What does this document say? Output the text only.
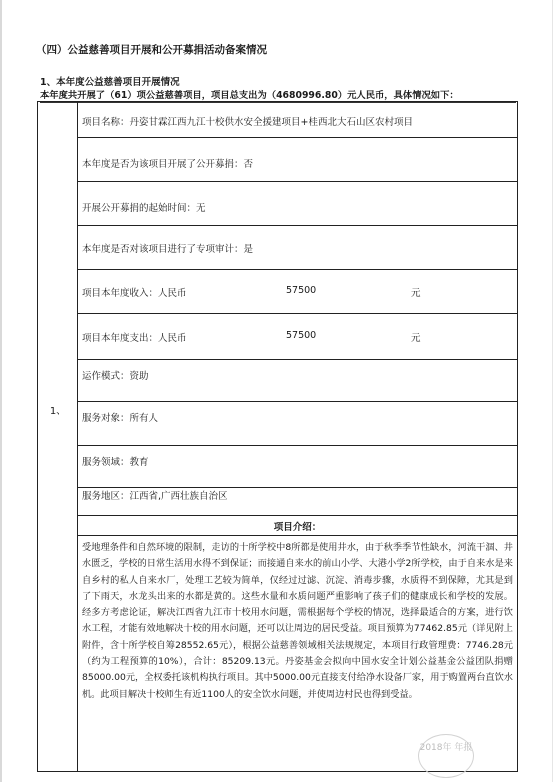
（四）公益慈善项目开展和公开募捐活动备案情况
1、本年度公益慈善项目开展情况
本年度共开展了（61）项公益慈善项目，项目总支出为（4680996.80）元人民币，具体情况如下：
1、
项目名称：丹姿甘霖江西九江十校供水安全援建项目+桂西北大石山区农村项目
本年度是否为该项目开展了公开募捐：否
开展公开募捐的起始时间：无
本年度是否对该项目进行了专项审计：是
项目本年度收入：人民币	57500	元
项目本年度支出：人民币	57500	元
运作模式：资助
服务对象：所有人
服务领域：教育
服务地区：江西省,广西壮族自治区
项目介绍：
受地理条件和自然环境的限制，走访的十所学校中8所都是使用井水，由于秋季季节性缺水，河流干涸、井水匮乏，学校的日常生活用水得不到保证；而接通自来水的前山小学、大港小学2所学校，由于自来水是来自乡村的私人自来水厂，处理工艺较为简单，仅经过过滤、沉淀、消毒步骤，水质得不到保障，尤其是到了下雨天，水龙头出来的水都是黄的。这些水量和水质问题严重影响了孩子们的健康成长和学校的发展。经多方考虑论证，解决江西省九江市十校用水问题，需根据每个学校的情况，选择最适合的方案，进行饮水工程，才能有效地解决十校的用水问题，还可以让周边的居民受益。项目预算为77462.85元（详见附上附件，含十所学校自筹28552.65元），根据公益慈善领域相关法规规定，本项目行政管理费：7746.28元（约为工程预算的10%），合计：85209.13元。丹姿基金会拟向中国水安全计划公益基金公益团队捐赠85000.00元，全权委托该机构执行项目。其中5000.00元直接支付给净水设备厂家，用于购置两台直饮水机。此项目解决十校师生有近1100人的安全饮水问题，并使周边村民也得到受益。
2018年 年报
